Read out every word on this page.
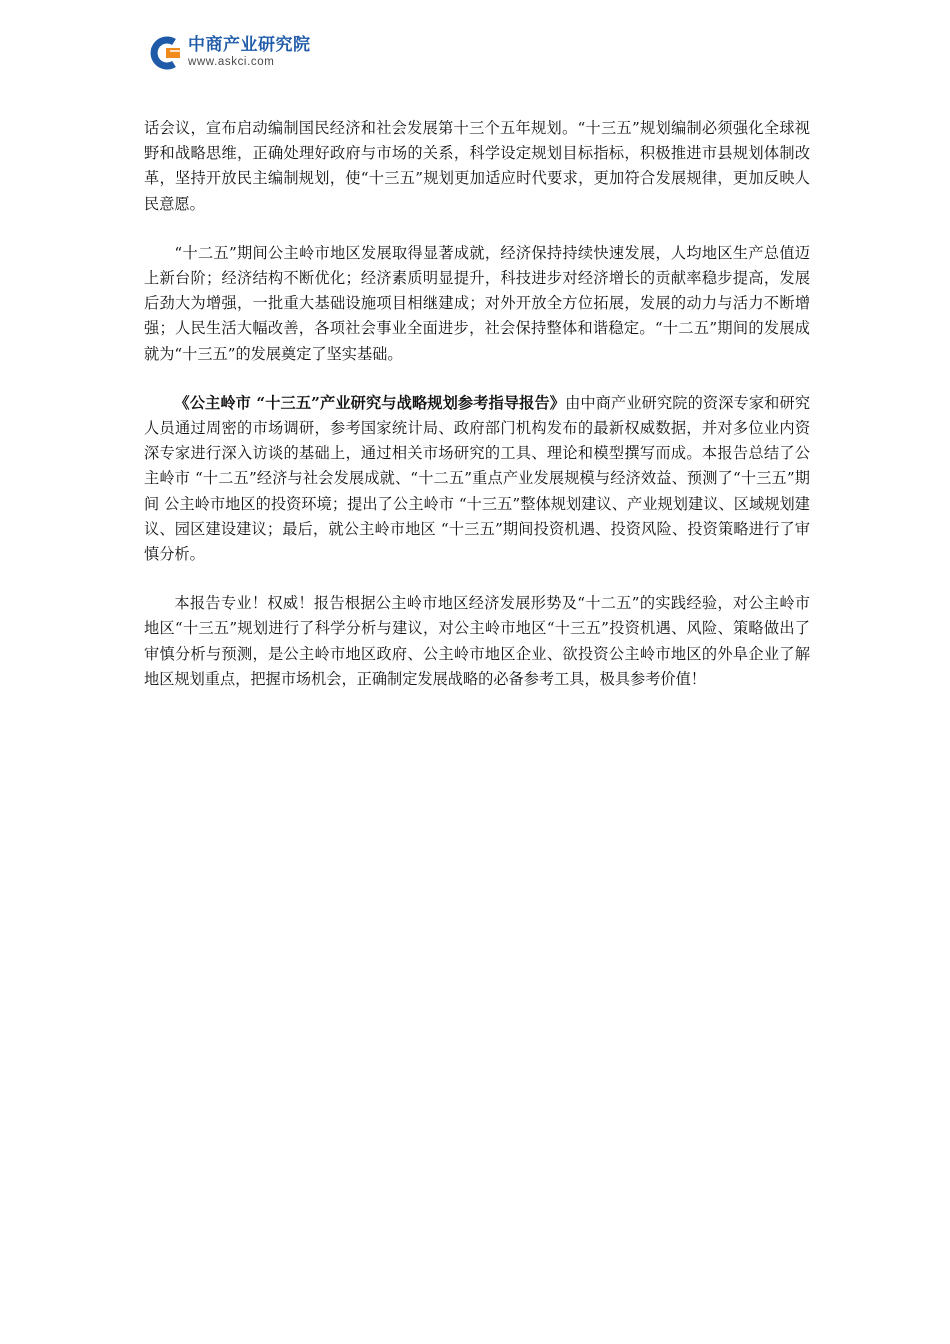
中商产业研究院
www.askci.com

话会议，宣布启动编制国民经济和社会发展第十三个五年规划。“十三五”规划编制必须强化全球视野和战略思维，正确处理好政府与市场的关系，科学设定规划目标指标，积极推进市县规划体制改革，坚持开放民主编制规划，使“十三五”规划更加适应时代要求，更加符合发展规律，更加反映人民意愿。

“十二五”期间公主岭市地区发展取得显著成就，经济保持持续快速发展，人均地区生产总值迈上新台阶；经济结构不断优化；经济素质明显提升，科技进步对经济增长的贡献率稳步提高，发展后劲大为增强，一批重大基础设施项目相继建成；对外开放全方位拓展，发展的动力与活力不断增强；人民生活大幅改善，各项社会事业全面进步，社会保持整体和谐稳定。“十二五”期间的发展成就为“十三五”的发展奠定了坚实基础。

《公主岭市 “十三五”产业研究与战略规划参考指导报告》由中商产业研究院的资深专家和研究人员通过周密的市场调研，参考国家统计局、政府部门机构发布的最新权威数据，并对多位业内资深专家进行深入访谈的基础上，通过相关市场研究的工具、理论和模型撰写而成。本报告总结了公主岭市 “十二五”经济与社会发展成就、“十二五”重点产业发展规模与经济效益、预测了“十三五”期间 公主岭市地区的投资环境；提出了公主岭市 “十三五”整体规划建议、产业规划建议、区域规划建议、园区建设建议；最后，就公主岭市地区 “十三五”期间投资机遇、投资风险、投资策略进行了审慎分析。

本报告专业！权威！报告根据公主岭市地区经济发展形势及“十二五”的实践经验，对公主岭市地区“十三五”规划进行了科学分析与建议，对公主岭市地区“十三五”投资机遇、风险、策略做出了审慎分析与预测，是公主岭市地区政府、公主岭市地区企业、欲投资公主岭市地区的外阜企业了解地区规划重点，把握市场机会，正确制定发展战略的必备参考工具，极具参考价值！
